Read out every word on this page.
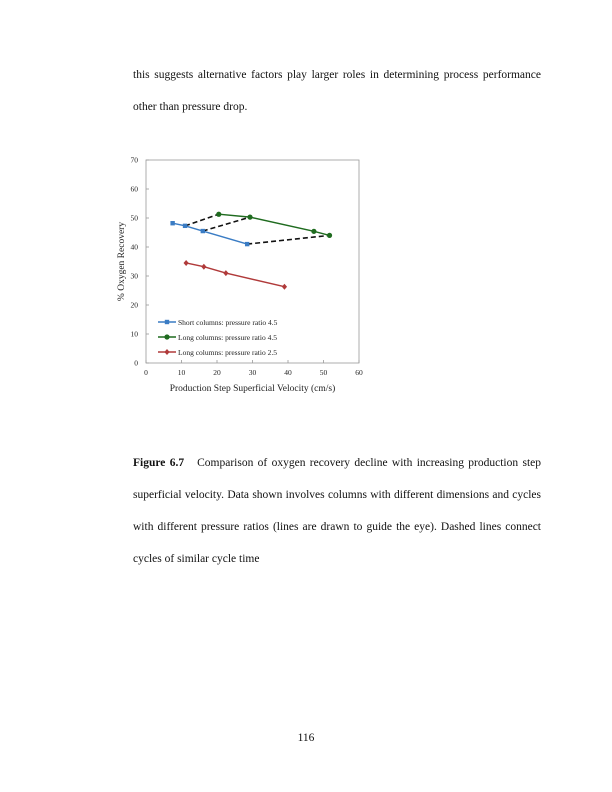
this suggests alternative factors play larger roles in determining process performance
other than pressure drop.
0	10	20	30	40	50	60
0
10
20
30
40
50
60
70
Production Step Superficial Velocity (cm/s)
% Oxygen Recovery
Short columns: pressure ratio 4.5
Long columns: pressure ratio 4.5
Long columns: pressure ratio 2.5
Figure 6.7 Comparison of oxygen recovery decline with increasing production step
superficial velocity. Data shown involves columns with different dimensions and cycles
with different pressure ratios (lines are drawn to guide the eye). Dashed lines connect
cycles of similar cycle time
116
